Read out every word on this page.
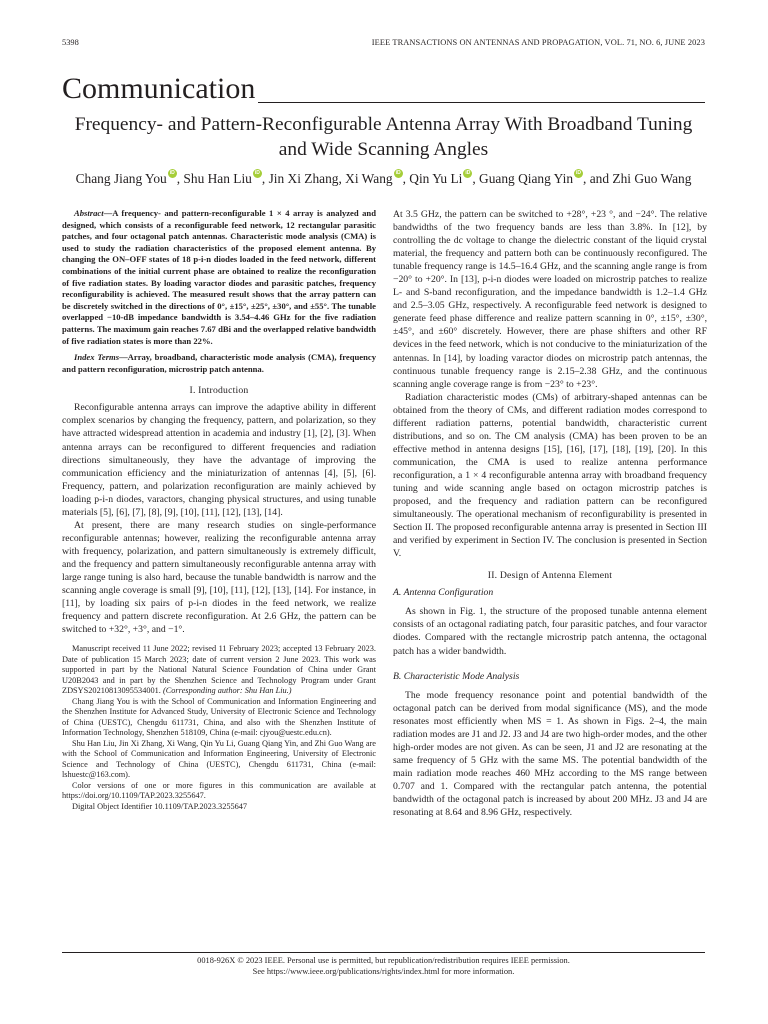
5398	IEEE TRANSACTIONS ON ANTENNAS AND PROPAGATION, VOL. 71, NO. 6, JUNE 2023
Communication
Frequency- and Pattern-Reconfigurable Antenna Array With Broadband Tuning
and Wide Scanning Angles
Chang Jiang You iD , Shu Han Liu iD , Jin Xi Zhang, Xi Wang iD , Qin Yu Li iD , Guang Qiang Yin iD , and Zhi Guo Wang

Abstract—A frequency- and pattern-reconfigurable 1 × 4 array is analyzed and designed, which consists of a reconfigurable feed network, 12 rectangular parasitic patches, and four octagonal patch antennas. Characteristic mode analysis (CMA) is used to study the radiation characteristics of the proposed element antenna. By changing the ON–OFF states of 18 p-i-n diodes loaded in the feed network, different combinations of the initial current phase are obtained to realize the reconfiguration of five radiation states. By loading varactor diodes and parasitic patches, frequency reconfigurability is achieved. The measured result shows that the array pattern can be discretely switched in the directions of 0°, ±15°, ±25°, ±30°, and ±55°. The tunable overlapped −10-dB impedance bandwidth is 3.54–4.46 GHz for the five radiation patterns. The maximum gain reaches 7.67 dBi and the overlapped relative bandwidth of five radiation states is more than 22%.

Index Terms—Array, broadband, characteristic mode analysis (CMA), frequency and pattern reconfiguration, microstrip patch antenna.

I. Introduction

Reconfigurable antenna arrays can improve the adaptive ability in different complex scenarios by changing the frequency, pattern, and polarization, so they have attracted widespread attention in academia and industry [1], [2], [3]. When antenna arrays can be reconfigured to different frequencies and radiation directions simultaneously, they have the advantage of improving the communication efficiency and the miniaturization of antennas [4], [5], [6]. Frequency, pattern, and polarization reconfiguration are mainly achieved by loading p-i-n diodes, varactors, changing physical structures, and using tunable materials [5], [6], [7], [8], [9], [10], [11], [12], [13], [14].

At present, there are many research studies on single-performance reconfigurable antennas; however, realizing the reconfigurable antenna array with frequency, polarization, and pattern simultaneously is extremely difficult, and the frequency and pattern simultaneously reconfigurable antenna array with large range tuning is also hard, because the tunable bandwidth is narrow and the scanning angle coverage is small [9], [10], [11], [12], [13], [14]. For instance, in [11], by loading six pairs of p-i-n diodes in the feed network, we realize frequency and pattern discrete reconfiguration. At 2.6 GHz, the pattern can be switched to +32°, +3°, and −1°.

Manuscript received 11 June 2022; revised 11 February 2023; accepted 13 February 2023. Date of publication 15 March 2023; date of current version 2 June 2023. This work was supported in part by the National Natural Science Foundation of China under Grant U20B2043 and in part by the Shenzhen Science and Technology Program under Grant ZDSYS20210813095534001. (Corresponding author: Shu Han Liu.)

Chang Jiang You is with the School of Communication and Information Engineering and the Shenzhen Institute for Advanced Study, University of Electronic Science and Technology of China (UESTC), Chengdu 611731, China, and also with the Shenzhen Institute of Information Technology, Shenzhen 518109, China (e-mail: cjyou@uestc.edu.cn).

Shu Han Liu, Jin Xi Zhang, Xi Wang, Qin Yu Li, Guang Qiang Yin, and Zhi Guo Wang are with the School of Communication and Information Engineering, University of Electronic Science and Technology of China (UESTC), Chengdu 611731, China (e-mail: lshuestc@163.com).

Color versions of one or more figures in this communication are available at https://doi.org/10.1109/TAP.2023.3255647.

Digital Object Identifier 10.1109/TAP.2023.3255647

At 3.5 GHz, the pattern can be switched to +28°, +23 °, and −24°. The relative bandwidths of the two frequency bands are less than 3.8%. In [12], by controlling the dc voltage to change the dielectric constant of the liquid crystal material, the frequency and pattern both can be continuously reconfigured. The tunable frequency range is 14.5–16.4 GHz, and the scanning angle range is from −20° to +20°. In [13], p-i-n diodes were loaded on microstrip patches to realize L- and S-band reconfiguration, and the impedance bandwidth is 1.2–1.4 GHz and 2.5–3.05 GHz, respectively. A reconfigurable feed network is designed to generate feed phase difference and realize pattern scanning in 0°, ±15°, ±30°, ±45°, and ±60° discretely. However, there are phase shifters and other RF devices in the feed network, which is not conducive to the miniaturization of the antennas. In [14], by loading varactor diodes on microstrip patch antennas, the continuous tunable frequency range is 2.15–2.38 GHz, and the continuous scanning angle coverage range is from −23° to +23°.

Radiation characteristic modes (CMs) of arbitrary-shaped antennas can be obtained from the theory of CMs, and different radiation modes correspond to different radiation patterns, potential bandwidth, characteristic current distributions, and so on. The CM analysis (CMA) has been proven to be an effective method in antenna designs [15], [16], [17], [18], [19], [20]. In this communication, the CMA is used to realize antenna performance reconfiguration, a 1 × 4 reconfigurable antenna array with broadband frequency tuning and wide scanning angle based on octagon microstrip patches is proposed, and the frequency and radiation pattern can be reconfigured simultaneously. The operational mechanism of reconfigurability is presented in Section II. The proposed reconfigurable antenna array is presented in Section III and verified by experiment in Section IV. The conclusion is presented in Section V.

II. Design of Antenna Element
A. Antenna Configuration

As shown in Fig. 1, the structure of the proposed tunable antenna element consists of an octagonal radiating patch, four parasitic patches, and four varactor diodes. Compared with the rectangle microstrip patch antenna, the octagonal patch has a wider bandwidth.

B. Characteristic Mode Analysis

The mode frequency resonance point and potential bandwidth of the octagonal patch can be derived from modal significance (MS), and the mode resonates most efficiently when MS = 1. As shown in Figs. 2–4, the main radiation modes are J1 and J2. J3 and J4 are two high-order modes, and the other high-order modes are not given. As can be seen, J1 and J2 are resonating at the same frequency of 5 GHz with the same MS. The potential bandwidth of the main radiation mode reaches 460 MHz according to the MS range between 0.707 and 1. Compared with the rectangular patch antenna, the potential bandwidth of the octagonal patch is increased by about 200 MHz. J3 and J4 are resonating at 8.64 and 8.96 GHz, respectively.

0018-926X © 2023 IEEE. Personal use is permitted, but republication/redistribution requires IEEE permission.
See https://www.ieee.org/publications/rights/index.html for more information.
